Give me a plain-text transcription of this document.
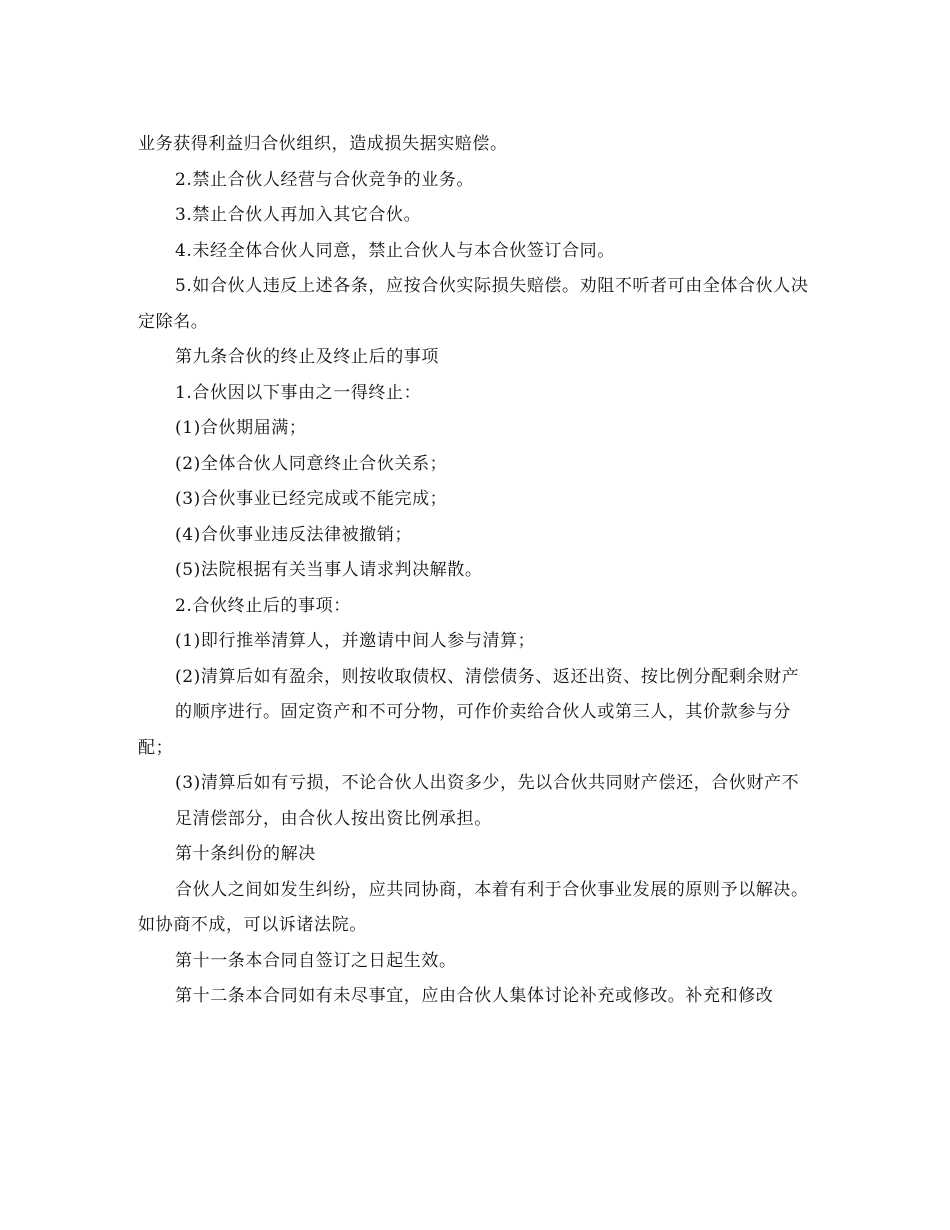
业务获得利益归合伙组织，造成损失据实赔偿。

2.禁止合伙人经营与合伙竞争的业务。

3.禁止合伙人再加入其它合伙。

4.未经全体合伙人同意，禁止合伙人与本合伙签订合同。

5.如合伙人违反上述各条，应按合伙实际损失赔偿。劝阻不听者可由全体合伙人决定除名。

第九条合伙的终止及终止后的事项

1.合伙因以下事由之一得终止：

(1)合伙期届满；

(2)全体合伙人同意终止合伙关系；

(3)合伙事业已经完成或不能完成；

(4)合伙事业违反法律被撤销；

(5)法院根据有关当事人请求判决解散。

2.合伙终止后的事项：

(1)即行推举清算人，并邀请中间人参与清算；

(2)清算后如有盈余，则按收取债权、清偿债务、返还出资、按比例分配剩余财产

的顺序进行。固定资产和不可分物，可作价卖给合伙人或第三人，其价款参与分配；

(3)清算后如有亏损，不论合伙人出资多少，先以合伙共同财产偿还，合伙财产不

足清偿部分，由合伙人按出资比例承担。

第十条纠份的解决

合伙人之间如发生纠纷，应共同协商，本着有利于合伙事业发展的原则予以解决。如协商不成，可以诉诸法院。

第十一条本合同自签订之日起生效。

第十二条本合同如有未尽事宜，应由合伙人集体讨论补充或修改。补充和修改
